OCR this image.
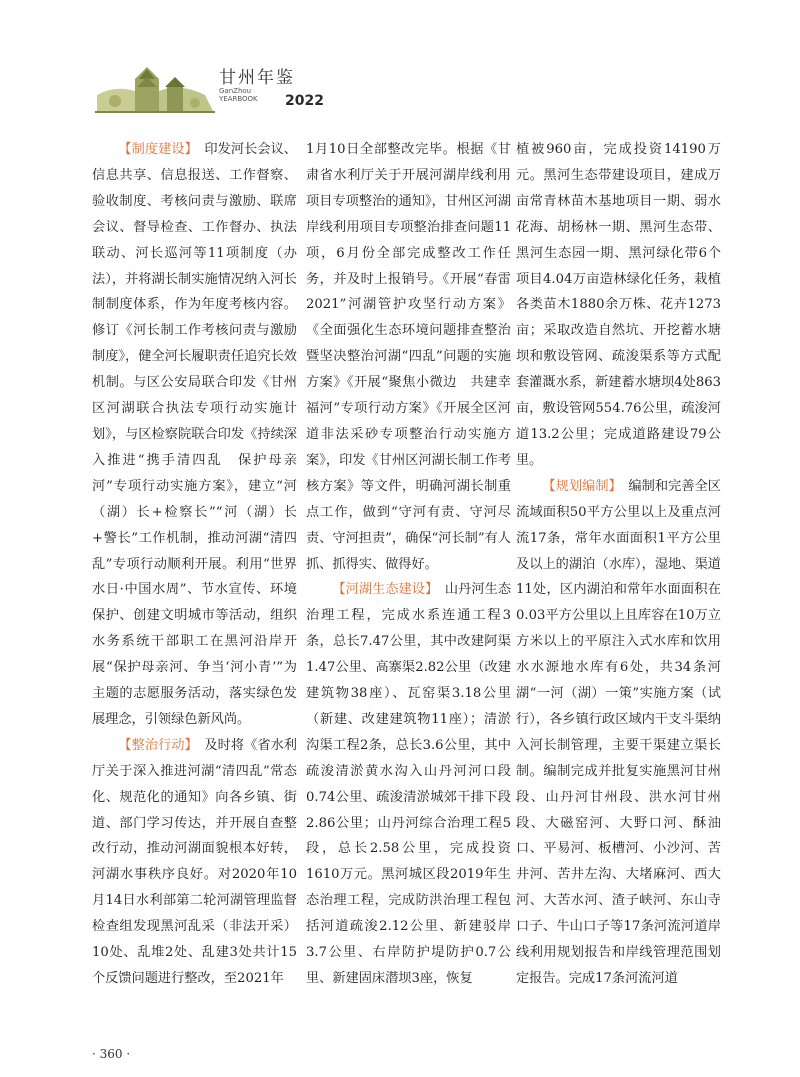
甘州年鉴
GanZhou
YEARBOOK 2022

【制度建设】　印发河长会议、信息共享、信息报送、工作督察、验收制度、考核问责与激励、联席会议、督导检查、工作督办、执法联动、河长巡河等11项制度（办法），并将湖长制实施情况纳入河长制制度体系，作为年度考核内容。修订《河长制工作考核问责与激励制度》，健全河长履职责任追究长效机制。与区公安局联合印发《甘州区河湖联合执法专项行动实施计划》，与区检察院联合印发《持续深入推进“携手清四乱　保护母亲河”专项行动实施方案》，建立“河（湖）长+检察长”“河（湖）长+警长”工作机制，推动河湖“清四乱”专项行动顺利开展。利用“世界水日·中国水周”、节水宣传、环境保护、创建文明城市等活动，组织水务系统干部职工在黑河沿岸开展“保护母亲河、争当‘河小青’”为主题的志愿服务活动，落实绿色发展理念，引领绿色新风尚。

【整治行动】　及时将《省水利厅关于深入推进河湖“清四乱”常态化、规范化的通知》向各乡镇、街道、部门学习传达，并开展自查整改行动，推动河湖面貌根本好转，河湖水事秩序良好。对2020年10月14日水利部第二轮河湖管理监督检查组发现黑河乱采（非法开采）10处、乱堆2处、乱建3处共计15个反馈问题进行整改，至2021年

1月10日全部整改完毕。根据《甘肃省水利厅关于开展河湖岸线利用项目专项整治的通知》，甘州区河湖岸线利用项目专项整治排查问题11项，6月份全部完成整改工作任务，并及时上报销号。《开展“春雷2021”河湖管护攻坚行动方案》《全面强化生态环境问题排查整治暨坚决整治河湖“四乱”问题的实施方案》《开展“聚焦小微边　共建幸福河”专项行动方案》《开展全区河道非法采砂专项整治行动实施方案》，印发《甘州区河湖长制工作考核方案》等文件，明确河湖长制重点工作，做到“守河有责、守河尽责、守河担责”，确保“河长制”有人抓、抓得实、做得好。

【河湖生态建设】　山丹河生态治理工程，完成水系连通工程3条，总长7.47公里，其中改建阿渠1.47公里、高寨渠2.82公里（改建建筑物38座）、瓦窑渠3.18公里（新建、改建建筑物11座）；清淤沟渠工程2条，总长3.6公里，其中疏浚清淤黄水沟入山丹河河口段0.74公里、疏浚清淤城郊干排下段2.86公里；山丹河综合治理工程5段，总长2.58公里，完成投资1610万元。黑河城区段2019年生态治理工程，完成防洪治理工程包括河道疏浚2.12公里、新建驳岸3.7公里、右岸防护堤防护0.7公里、新建固床潜坝3座，恢复

植被960亩，完成投资14190万元。黑河生态带建设项目，建成万亩常青林苗木基地项目一期、弱水花海、胡杨林一期、黑河生态带、黑河生态园一期、黑河绿化带6个项目4.04万亩造林绿化任务，栽植各类苗木1880余万株、花卉1273亩；采取改造自然坑、开挖蓄水塘坝和敷设管网、疏浚渠系等方式配套灌溉水系，新建蓄水塘坝4处863亩，敷设管网554.76公里，疏浚河道13.2公里；完成道路建设79公里。

【规划编制】　编制和完善全区流域面积50平方公里以上及重点河流17条，常年水面面积1平方公里及以上的湖泊（水库），湿地、渠道11处，区内湖泊和常年水面面积在0.03平方公里以上且库容在10万立方米以上的平原注入式水库和饮用水水源地水库有6处，共34条河湖“一河（湖）一策”实施方案（试行），各乡镇行政区域内干支斗渠纳入河长制管理，主要干渠建立渠长制。编制完成并批复实施黑河甘州段、山丹河甘州段、洪水河甘州段、大磁窑河、大野口河、酥油口、平易河、板槽河、小沙河、苦井河、苦井左沟、大堵麻河、西大河、大苦水河、渣子峡河、东山寺口子、牛山口子等17条河流河道岸线利用规划报告和岸线管理范围划定报告。完成17条河流河道

· 360 ·
